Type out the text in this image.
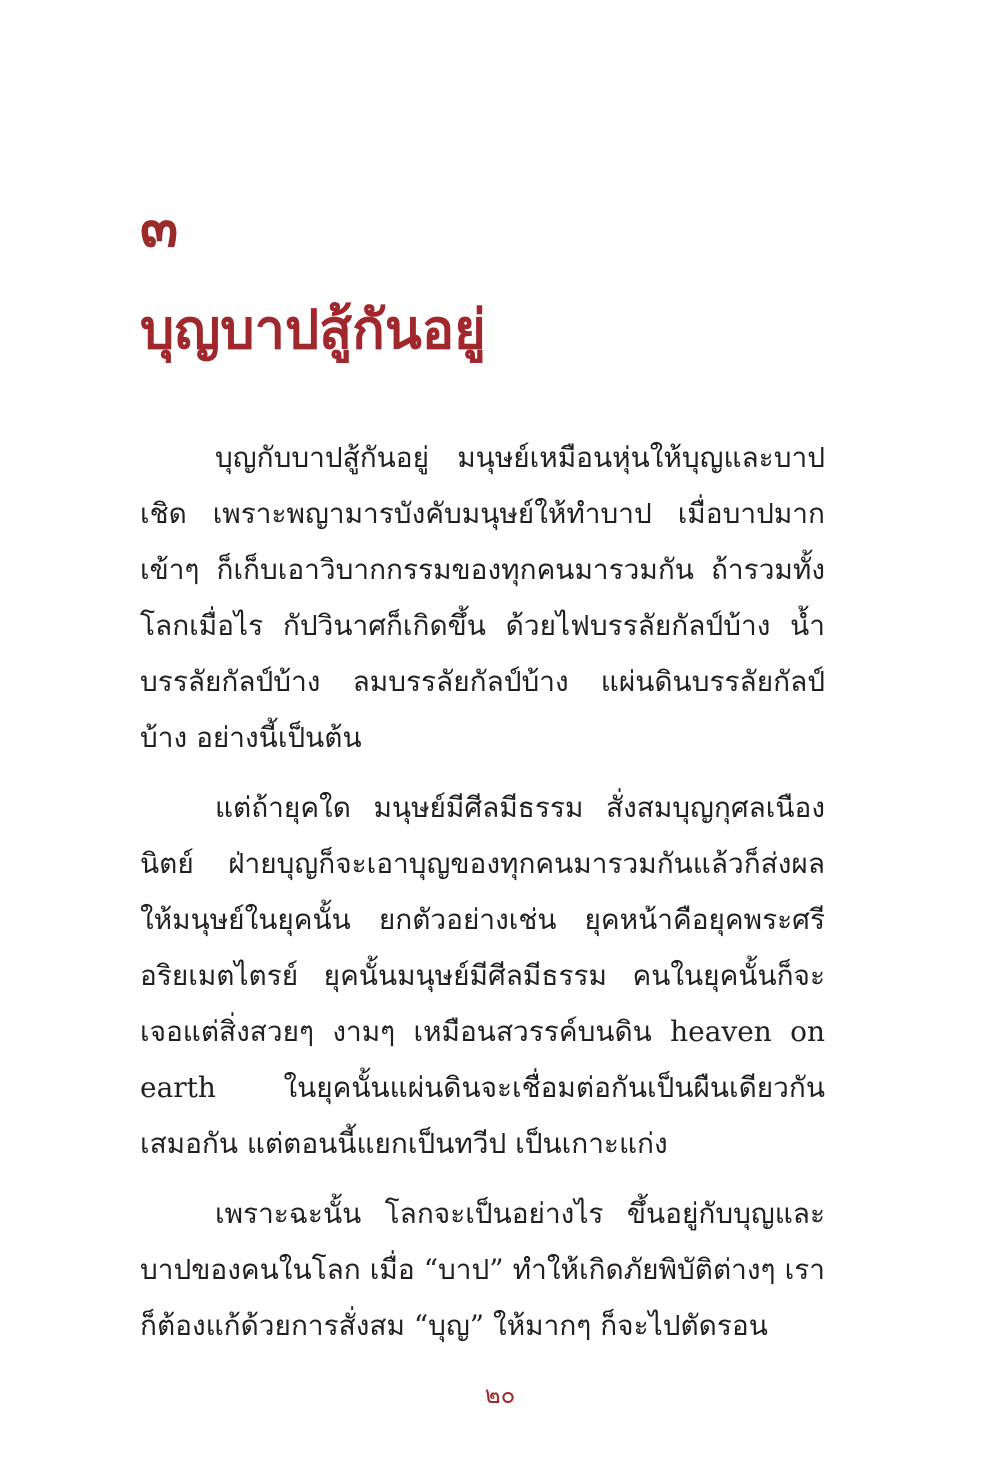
๓
บุญบาปสู้กันอยู่

บุญกับบาปสู้กันอยู่ มนุษย์เหมือนหุ่นให้บุญและบาปเชิด เพราะพญามารบังคับมนุษย์ให้ทำบาป เมื่อบาปมากเข้าๆ ก็เก็บเอาวิบากกรรมของทุกคนมารวมกัน ถ้ารวมทั้งโลกเมื่อไร กัปวินาศก็เกิดขึ้น ด้วยไฟบรรลัยกัลป์บ้าง น้ำบรรลัยกัลป์บ้าง ลมบรรลัยกัลป์บ้าง แผ่นดินบรรลัยกัลป์บ้าง อย่างนี้เป็นต้น

แต่ถ้ายุคใด มนุษย์มีศีลมีธรรม สั่งสมบุญกุศลเนืองนิตย์ ฝ่ายบุญก็จะเอาบุญของทุกคนมารวมกันแล้วก็ส่งผลให้มนุษย์ในยุคนั้น ยกตัวอย่างเช่น ยุคหน้าคือยุคพระศรีอริยเมตไตรย์ ยุคนั้นมนุษย์มีศีลมีธรรม คนในยุคนั้นก็จะเจอแต่สิ่งสวยๆ งามๆ เหมือนสวรรค์บนดิน heaven on earth ในยุคนั้นแผ่นดินจะเชื่อมต่อกันเป็นผืนเดียวกันเสมอกัน แต่ตอนนี้แยกเป็นทวีป เป็นเกาะแก่ง

เพราะฉะนั้น โลกจะเป็นอย่างไร ขึ้นอยู่กับบุญและบาปของคนในโลก เมื่อ “บาป” ทำให้เกิดภัยพิบัติต่างๆ เราก็ต้องแก้ด้วยการสั่งสม “บุญ” ให้มากๆ ก็จะไปตัดรอน

๒๐
